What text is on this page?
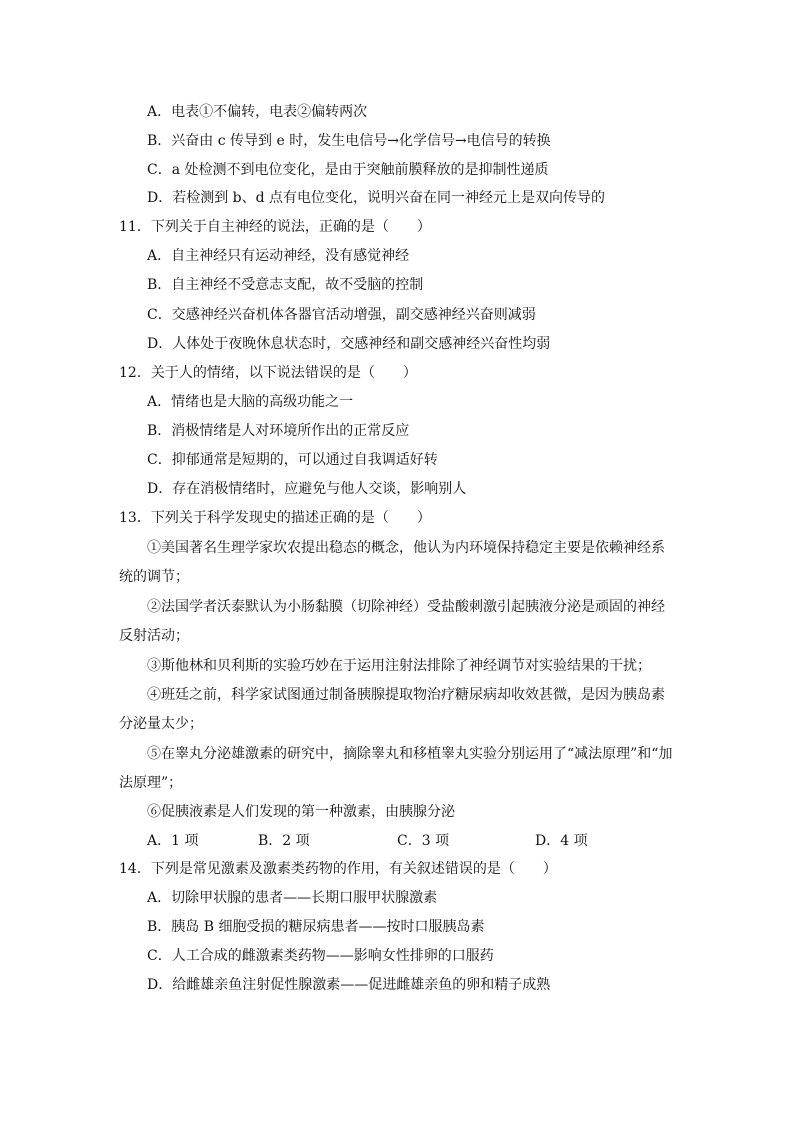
A．电表①不偏转，电表②偏转两次
B．兴奋由 c 传导到 e 时，发生电信号→化学信号→电信号的转换
C．a 处检测不到电位变化，是由于突触前膜释放的是抑制性递质
D．若检测到 b、d 点有电位变化，说明兴奋在同一神经元上是双向传导的
11．下列关于自主神经的说法，正确的是（　　）
A．自主神经只有运动神经，没有感觉神经
B．自主神经不受意志支配，故不受脑的控制
C．交感神经兴奋机体各器官活动增强，副交感神经兴奋则减弱
D．人体处于夜晚休息状态时，交感神经和副交感神经兴奋性均弱
12．关于人的情绪，以下说法错误的是（　　）
A．情绪也是大脑的高级功能之一
B．消极情绪是人对环境所作出的正常反应
C．抑郁通常是短期的，可以通过自我调适好转
D．存在消极情绪时，应避免与他人交谈，影响别人
13．下列关于科学发现史的描述正确的是（　　）
①美国著名生理学家坎农提出稳态的概念，他认为内环境保持稳定主要是依赖神经系
统的调节；
②法国学者沃泰默认为小肠黏膜（切除神经）受盐酸刺激引起胰液分泌是顽固的神经
反射活动；
③斯他林和贝利斯的实验巧妙在于运用注射法排除了神经调节对实验结果的干扰；
④班廷之前，科学家试图通过制备胰腺提取物治疗糖尿病却收效甚微，是因为胰岛素
分泌量太少；
⑤在睾丸分泌雄激素的研究中，摘除睾丸和移植睾丸实验分别运用了“减法原理”和“加
法原理”；
⑥促胰液素是人们发现的第一种激素，由胰腺分泌
A．1 项	B．2 项	C．3 项	D．4 项
14．下列是常见激素及激素类药物的作用，有关叙述错误的是（　　）
A．切除甲状腺的患者——长期口服甲状腺激素
B．胰岛 B 细胞受损的糖尿病患者——按时口服胰岛素
C．人工合成的雌激素类药物——影响女性排卵的口服药
D．给雌雄亲鱼注射促性腺激素——促进雌雄亲鱼的卵和精子成熟
